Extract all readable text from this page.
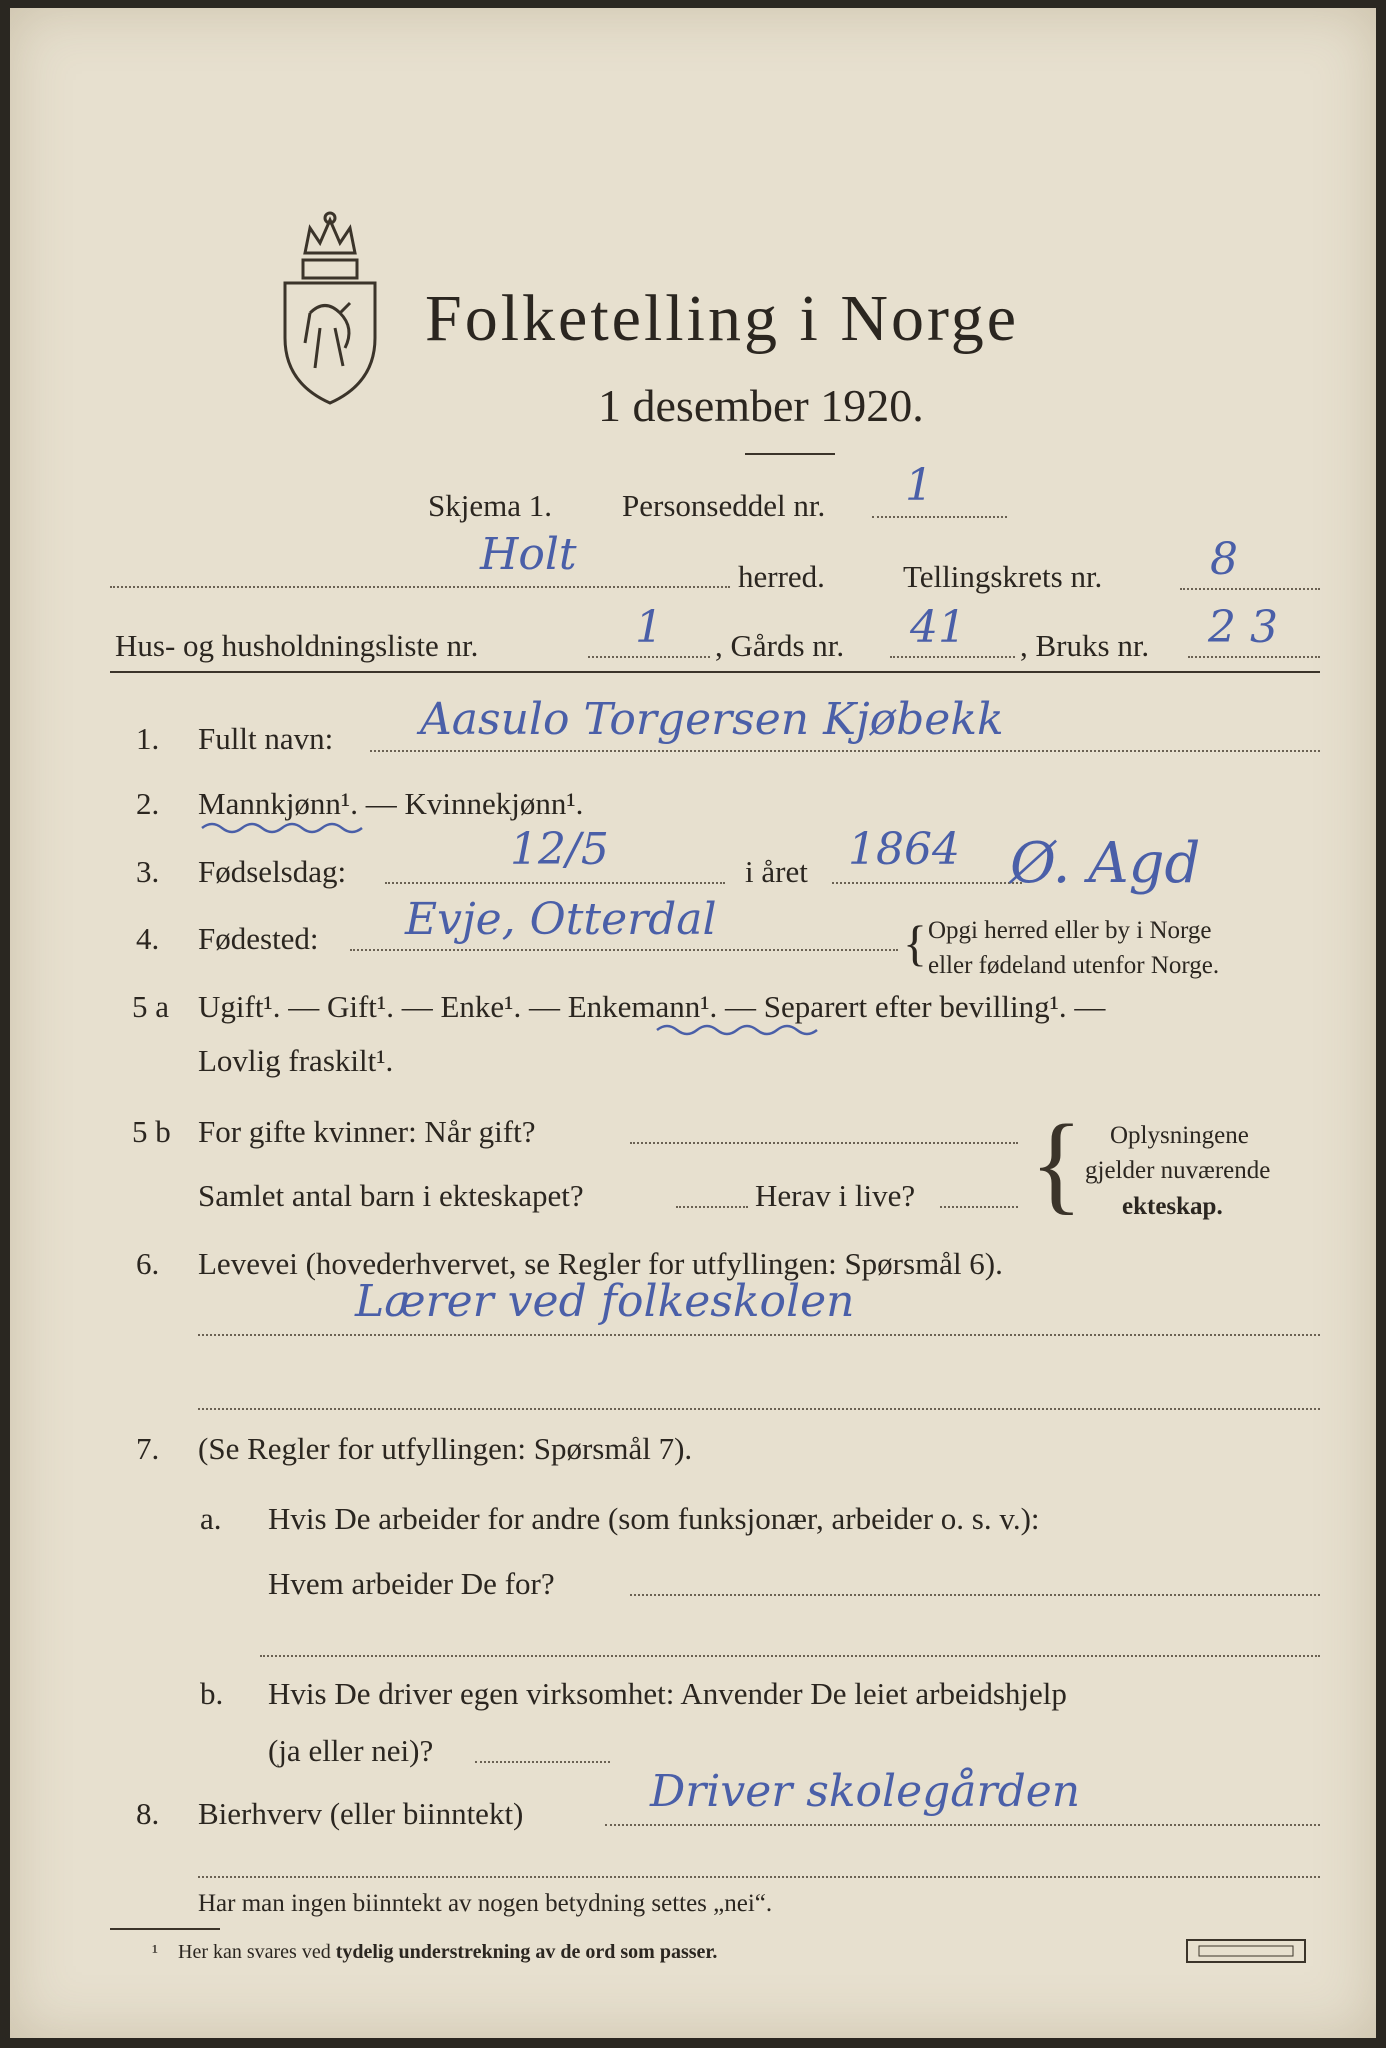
Folketelling i Norge
1 desember 1920.
Skjema 1. Personseddel nr. 1
Holt	herred.	Tellingskrets nr. 8
Hus- og husholdningsliste nr.	1 , Gårds nr. 41 , Bruks nr. 2 3
1. Fullt navn: Aasulo Torgersen Kjøbekk
2. Mannkjønn¹. — Kvinnekjønn¹.
3. Fødselsdag:	12/5	i året 1864 Ø. Agd
4. Fødested: Evje, Otterdal	{ Opgi herred eller by i Norge
eller fødeland utenfor Norge.
5 a Ugift¹. — Gift¹. — Enke¹. — Enkemann¹. — Separert efter bevilling¹. —
Lovlig fraskilt¹.
5 b For gifte kvinner: Når gift?
Samlet antal barn i ekteskapet?	Herav i live? { Oplysningene
gjelder nuværende
ekteskap.
6. Levevei (hovederhvervet, se Regler for utfyllingen: Spørsmål 6).
Lærer ved folkeskolen
7. (Se Regler for utfyllingen: Spørsmål 7).
a. Hvis De arbeider for andre (som funksjonær, arbeider o. s. v.):
Hvem arbeider De for?
b. Hvis De driver egen virksomhet: Anvender De leiet arbeidshjelp
(ja eller nei)?
8. Bierhverv (eller biinntekt)	Driver skolegården
Har man ingen biinntekt av nogen betydning settes „nei“.
¹ Her kan svares ved tydelig understrekning av de ord som passer.
